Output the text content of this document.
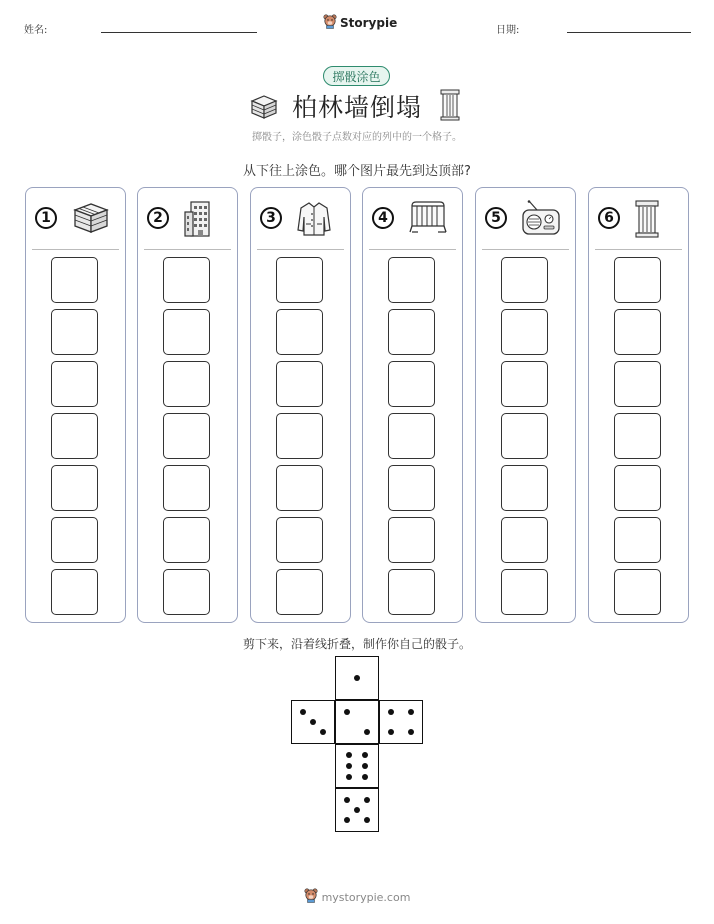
姓名:
Storypie
日期:
掷骰涂色
柏林墙倒塌
掷骰子，涂色骰子点数对应的列中的一个格子。
从下往上涂色。哪个图片最先到达顶部?
1	2	3	4	5	6
剪下来，沿着线折叠，制作你自己的骰子。
mystorypie.com
